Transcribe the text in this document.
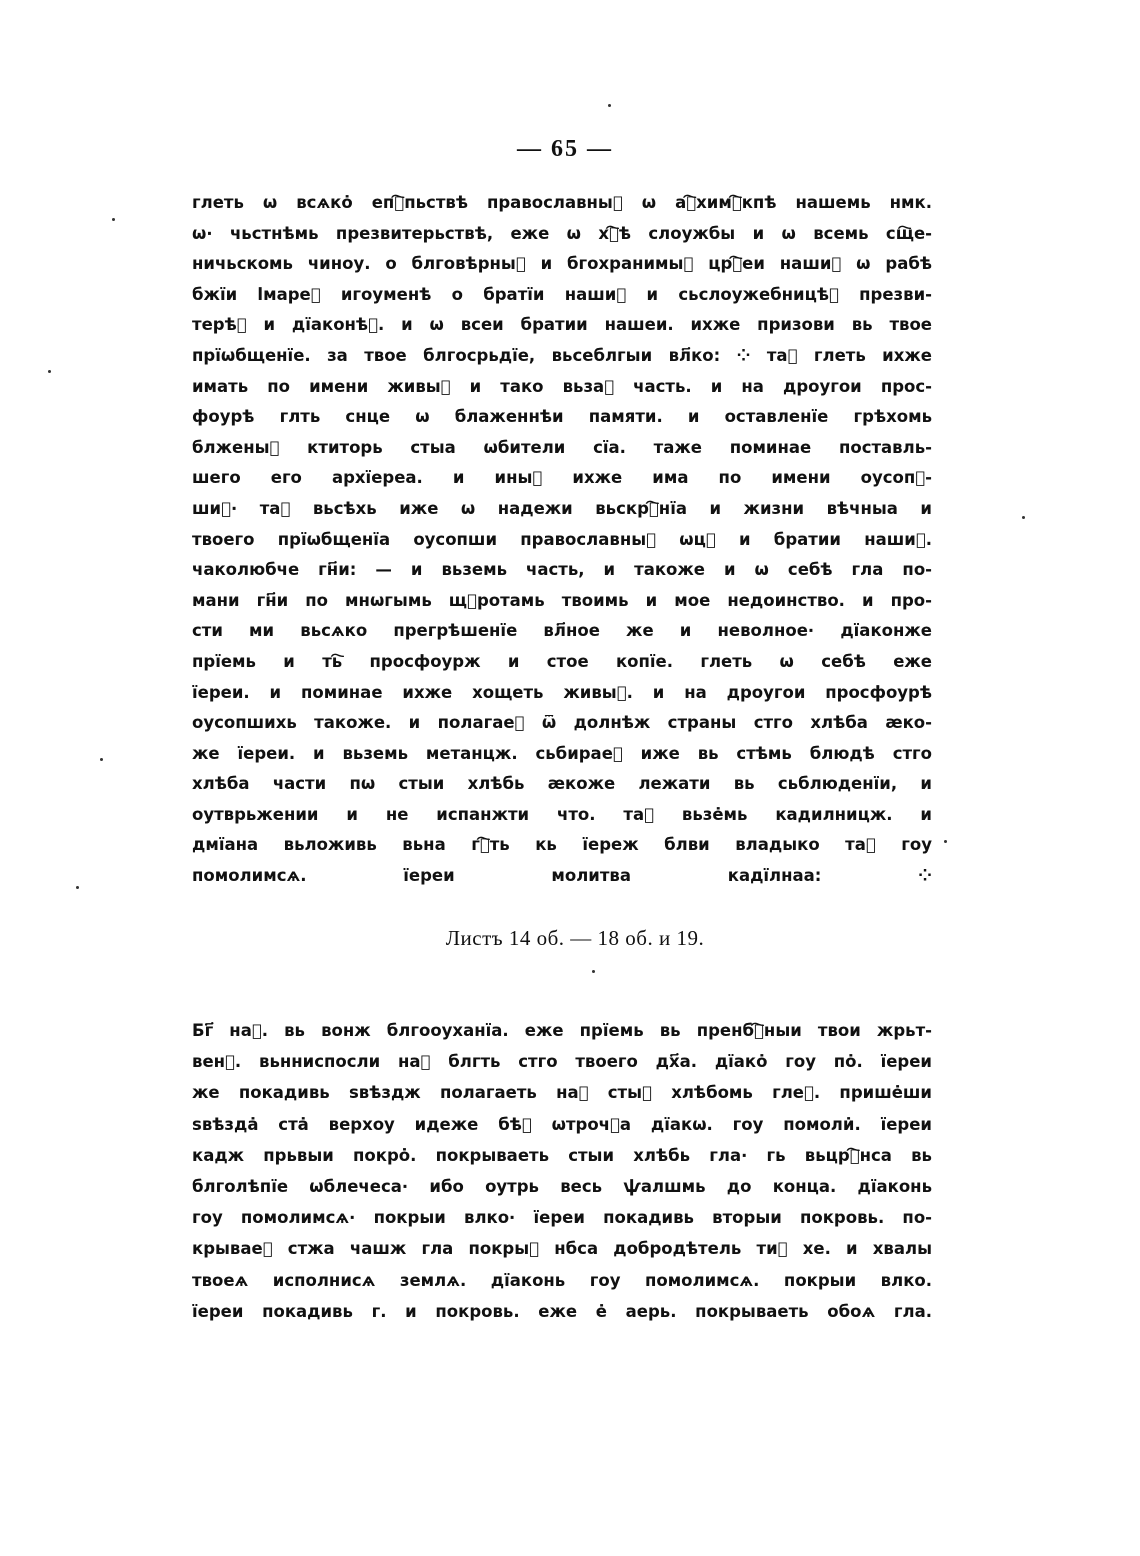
— 65 —
глеть ѡ всѧко̇ епⷭ҇пьствѣ православныⷯ ѡ аⷩ҇химⷭ҇кпѣ нашемь нмк.
ѡ∙ чьстнѣмь презвитерьствѣ, еже ѡ хⷭ҇ѣ слоужбы и ѡ всемь сщ҇е-
ничьскомь чиноу. о блговѣрныⷯ и бгохранимыⷯ црⷭ҇еи нашиⷯ ѡ рабѣ
бжїи ӏмареⷮ игоуменѣ о братїи нашиⷯ и сьслоужебницѣⷯ презви-
терѣⷯ и дїаконѣⷯ. и ѡ всеи братии нашеи. ихже призови вь твое
прїѡбщенїе. за твое блгосрьдїе, вьсеблгыи вл҃ко: ⁘ таⷦ глеть ихже
имать по имени живыⷯ и тако вьзаⷨ часть. и на дроугои прос-
фоурѣ глть снце ѡ блаженнѣи памяти. и оставленїе грѣхомь
блженыⷯ ктиторь стыа ѡбители сїа. таже поминае поставль-
шего его архїереа. и иныⷯ ихже има по имени оусопⷲ-
шиⷯ∙ таⷦ вьсѣхь иже ѡ надежи вьскрⷭ҇нїа и жизни вѣчныа и
твоего прїѡбщенїа оусопши православныⷯ ѡцⷯ и братии нашиⷯ.
чаколюбче гн҃и: — и вьземь часть, и такоже и ѡ себѣ гла по-
мани гн҃и по мнѡгымь щⷣротамь твоимь и мое недоинство. и про-
сти ми вьсѧко прегрѣшенїе вл҃ное же и неволное∙ дїаконже
прїемь и ть҇ просфоурж и стое копїе. глеть ѡ себѣ еже
їереи. и поминае ихже хощеть живыⷯ. и на дроугои просфоурѣ
оусопшихь такоже. и полагаеⷮ ѿ долнѣж страны стго хлѣба ӕко-
же їереи. и вьземь метанцж. сьбираеⷮ иже вь стѣмь блюдѣ стго
хлѣба части пѡ стыи хлѣбь ӕкоже лежати вь сьблюденїи, и
оутврьжении и не испанжти что. таⷦ вьзе̇мь кадилницж. и
дмїана вьложивь вьна гⷭ҇ть кь їереж блви владыко таⷦ гоу
помолимсѧ. їереи молитва кадїлнаа: ⁘
Листъ 14 об. — 18 об. и 19.
Бг҃ наⷲ. вь вонж блгооуханїа. еже прїемь вь пренбⷭ҇ныи твои жрьт-
венⷲ. вьнниспосли наⷨ блгть стго твоего дх҃а. дїако̇ гоу по̇. їереи
же покадивь ѕвѣздж полагаеть наⷨ стыⷯ хлѣбомь глеⷮ. прише̇ши
ѕвѣзда̇ ста̇ верхоу идеже бѣⷯ ѡтрочꙋа дїакѡ. гоу помоли̇. їереи
кадж прьвыи покро̇. покрываеть стыи хлѣбь гла∙ гь вьцрⷭ҇нса вь
блголѣпїе ѡблечеса∙ ибо оутрь весь ѱалшмь до конца. дїаконь
гоу помолимсѧ∙ покрыи влко∙ їереи покадивь вторыи покровь. по-
крываеⷮ стжа чашж гла покрыⷯ нбса добродѣтель тиⷯ хе. и хвалы
твоеѧ исполнисѧ землѧ. дїаконь гоу помолимсѧ. покрыи влко.
їереи покадивь г. и покровь. еже е̇ аерь. покрываеть обоѧ гла.
